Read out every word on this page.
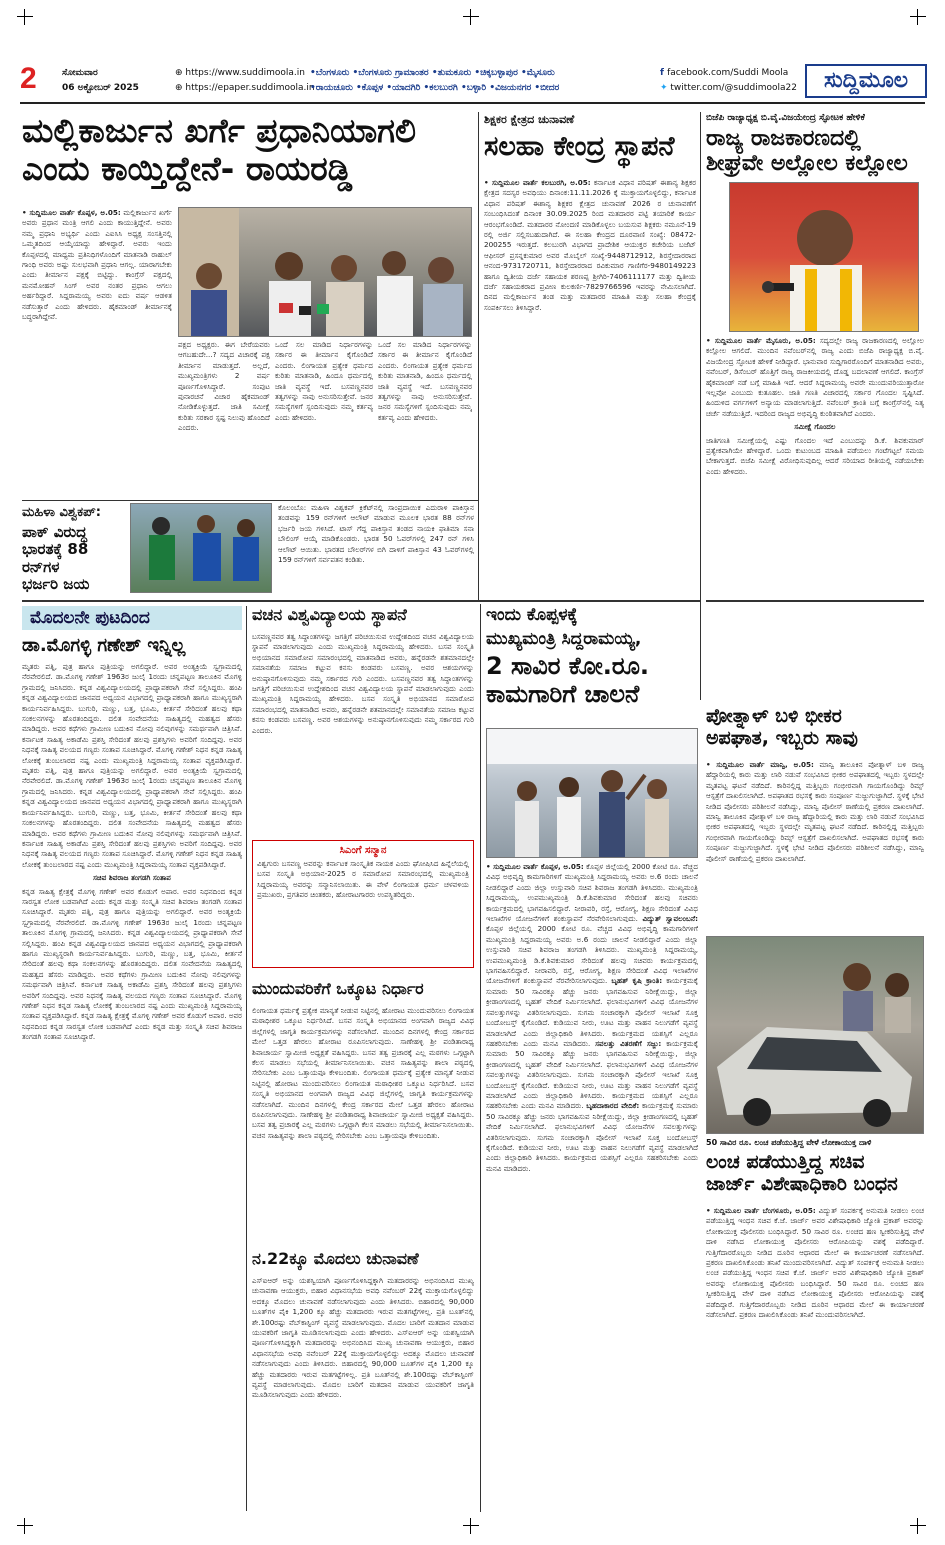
2	ಸೋಮವಾರ
06 ಅಕ್ಟೋಬರ್ 2025
⊕ https://www.suddimoola.in
⊕ https://epaper.suddimoola.in
•ಬೆಂಗಳೂರು •ಬೆಂಗಳೂರು ಗ್ರಾಮಾಂತರ •ತುಮಕೂರು •ಚಿಕ್ಕಬಳ್ಳಾಪುರ •ಮೈಸೂರು
•ರಾಯಚೂರು •ಕೊಪ್ಪಳ •ಯಾದಗಿರಿ •ಕಲಬುರಗಿ •ಬಳ್ಳಾರಿ •ವಿಜಯನಗರ •ಬೀದರ
f facebook.com/Suddi Moola
✦ twitter.com/@suddimoola22	ಸುದ್ದಿಮೂಲ
ಮಲ್ಲಿಕಾರ್ಜುನ ಖರ್ಗೆ ಪ್ರಧಾನಿಯಾಗಲಿ
ಎಂದು ಕಾಯ್ತಿದ್ದೇನೆ- ರಾಯರಡ್ಡಿ
• ಸುದ್ದಿಮೂಲ ವಾರ್ತೆ ಕೊಪ್ಪಳ, ಅ.05: ಮಲ್ಲಿಕಾರ್ಜುನ ಖರ್ಗೆ ಅವರು ಪ್ರಧಾನ ಮಂತ್ರಿ ಆಗಲಿ ಎಂದು ಕಾಯುತ್ತಿದ್ದೇನೆ. ಅವರು ನಮ್ಮ ಪ್ರಧಾನಿ ಅಭ್ಯರ್ಥಿ ಎಂದು ಎಐಸಿಸಿ ಅಧ್ಯಕ್ಷ ಸಂಸತ್ತಿನಲ್ಲಿ ಒಮ್ಮತದಿಂದ ಆಯ್ಕೆಯಾದ್ದು ಹೇಳಿದ್ದಾರೆ. ಅವರು ಇಂದು ಕೊಪ್ಪಳದಲ್ಲಿ ಮಾಧ್ಯಮ ಪ್ರತಿನಿಧಿಗಳೊಂದಿಗೆ ಮಾತನಾಡಿ ರಾಹುಲ್ ಗಾಂಧಿ ಅವರು ಅಷ್ಟು ಸುಲಭವಾಗಿ ಪ್ರಧಾನಿ ಆಗಲ್ಲ. ಯಾರಾಗಬೇಕು ಎಂದು ತೀರ್ಮಾನ ಪಕ್ಷಕ್ಕೆ ಬಿಟ್ಟಿದ್ದು. ಕಾಂಗ್ರೆಸ್ ಪಕ್ಷದಲ್ಲಿ ಮನಮೋಹನ್ ಸಿಂಗ್ ಅವರ ನಂತರ ಪ್ರಧಾನಿ ಆಗಲು ಅರ್ಹರಿದ್ದಾರೆ. ಸಿದ್ದರಾಮಯ್ಯ ಅವರು ಐದು ವರ್ಷ ಆಡಳಿತ ನಡೆಸುತ್ತಾರೆ ಎಂದು ಹೇಳಿದರು. ಹೈಕಮಾಂಡ್ ತೀರ್ಮಾನಕ್ಕೆ ಬದ್ಧರಾಗಿದ್ದೇವೆ.
ಪಕ್ಷದ ಅಧ್ಯಕ್ಷರು. ಈಗ ಬೇರೆಯವರು ಆಗಬಹುದೇ...? ಸದ್ಯದ ವಿಚಾರಕ್ಕೆ ಪಕ್ಷ ತೀರ್ಮಾನ ಮಾಡುತ್ತದೆ. ಅಲ್ಲದೆ, ಮುಖ್ಯಮಂತ್ರಿಗಳು 2 ವರ್ಷ ಪೂರ್ಣಗೊಳಿಸಿದ್ದಾರೆ. ಸಂಪುಟ ಪುನಾರಚನೆ ವಿಚಾರ ಹೈಕಮಾಂಡ್ ನೋಡಿಕೊಳ್ಳುತ್ತದೆ. ಜಾತಿ ಸಮೀಕ್ಷೆ ಕುರಿತು ಸರಕಾರ ಸ್ಪಷ್ಟ ನಿಲುವು ಹೊಂದಿದೆ ಎಂದರು.
ಒಂದೆ ಸಲ ಮಾಡಿದ ನಿರ್ಧಾರಗಳನ್ನು ಸರ್ಕಾರ ಈ ತೀರ್ಮಾನ ಕೈಗೊಂಡಿದೆ ಎಂದರು. ಲಿಂಗಾಯತ ಪ್ರತ್ಯೇಕ ಧರ್ಮದ ಕುರಿತು ಮಾತನಾಡಿ, ಹಿಂದೂ ಧರ್ಮದಲ್ಲಿ ಜಾತಿ ವ್ಯವಸ್ಥೆ ಇದೆ. ಬಸವಣ್ಣನವರ ತತ್ವಗಳನ್ನು ನಾವು ಅನುಸರಿಸುತ್ತೇವೆ. ಜನರ ಸಮಸ್ಯೆಗಳಿಗೆ ಸ್ಪಂದಿಸುವುದು ನಮ್ಮ ಕರ್ತವ್ಯ ಎಂದು ಹೇಳಿದರು.
ಒಂದೆ ಸಲ ಮಾಡಿದ ನಿರ್ಧಾರಗಳನ್ನು ಸರ್ಕಾರ ಈ ತೀರ್ಮಾನ ಕೈಗೊಂಡಿದೆ ಎಂದರು. ಲಿಂಗಾಯತ ಪ್ರತ್ಯೇಕ ಧರ್ಮದ ಕುರಿತು ಮಾತನಾಡಿ, ಹಿಂದೂ ಧರ್ಮದಲ್ಲಿ ಜಾತಿ ವ್ಯವಸ್ಥೆ ಇದೆ. ಬಸವಣ್ಣನವರ ತತ್ವಗಳನ್ನು ನಾವು ಅನುಸರಿಸುತ್ತೇವೆ. ಜನರ ಸಮಸ್ಯೆಗಳಿಗೆ ಸ್ಪಂದಿಸುವುದು ನಮ್ಮ ಕರ್ತವ್ಯ ಎಂದು ಹೇಳಿದರು.
ಶಿಕ್ಷಕರ ಕ್ಷೇತ್ರದ ಚುನಾವಣೆ
ಸಲಹಾ ಕೇಂದ್ರ ಸ್ಥಾಪನೆ
• ಸುದ್ದಿಮೂಲ ವಾರ್ತೆ ಕಲಬುರಗಿ, ಅ.05: ಕರ್ನಾಟಕ ವಿಧಾನ ಪರಿಷತ್ ಈಶಾನ್ಯ ಶಿಕ್ಷಕರ ಕ್ಷೇತ್ರದ ಸದಸ್ಯರ ಅವಧಿಯು ದಿನಾಂಕ:11.11.2026 ಕ್ಕೆ ಮುಕ್ತಾಯಗೊಳ್ಳಲಿದ್ದು, ಕರ್ನಾಟಕ ವಿಧಾನ ಪರಿಷತ್ ಈಶಾನ್ಯ ಶಿಕ್ಷಕರ ಕ್ಷೇತ್ರದ ಚುನಾವಣೆ 2026 ರ ಚುನಾವಣೆಗೆ ಸಂಬಂಧಿಸಿದಂತೆ ದಿನಾಂಕ 30.09.2025 ರಿಂದ ಮತದಾರರ ಪಟ್ಟಿ ತಯಾರಿಕೆ ಕಾರ್ಯ ಆರಂಭಗೊಂಡಿದೆ. ಮತದಾರರ ನೋಂದಣಿ ಮಾಡಿಕೊಳ್ಳಲು ಬಯಸುವ ಶಿಕ್ಷಕರು ನಮೂನೆ-19 ರಲ್ಲಿ ಅರ್ಜಿ ಸಲ್ಲಿಸಬಹುದಾಗಿದೆ. ಈ ಸಲಹಾ ಕೇಂದ್ರದ ದೂರವಾಣಿ ಸಂಖ್ಯೆ: 08472-200255 ಇರುತ್ತದೆ. ಕಲಬುರಗಿ ವಿಭಾಗದ ಪ್ರಾದೇಶಿಕ ಆಯುಕ್ತರ ಕಚೇರಿಯ ಬಜೆಟ್ ಆಫೀಸರ್ ಪ್ರಸನ್ನಕುಮಾರ ಅವರ ಮೊಬೈಲ್ ಸಂಖ್ಯೆ-9448712912, ಶಿರಸ್ತೇದಾರರಾದ ಆನಂದ-9731720711, ಶಿರಸ್ತೇದಾರರಾದ ರವಿಕುಮಾರ ಗಾಣಿಗೆರ-9480149223 ಹಾಗೂ ದ್ವಿತೀಯ ದರ್ಜೆ ಸಹಾಯಕ ಶರಣಪ್ಪ ಶ್ರೀಗಿರಿ-7406111177 ಮತ್ತು ದ್ವಿತೀಯ ದರ್ಜೆ ಸಹಾಯಕರಾದ ಪ್ರವೀಣ ಕುಲಕರ್ಣಿ-7829766596 ಇವರನ್ನು ನೇಮಿಸಲಾಗಿದೆ. ದಿನದ ಮಲ್ಲಿಕಾರ್ಜುನ ತಂಡ ಮತ್ತು ಮತದಾರರ ಮಾಹಿತಿ ಮತ್ತು ಸಲಹಾ ಕೇಂದ್ರಕ್ಕೆ ಸಂಪರ್ಕಿಸಲು ತಿಳಿಸಿದ್ದಾರೆ.
ಬಿಜೆಪಿ ರಾಜ್ಯಾಧ್ಯಕ್ಷ ಬಿ.ವೈ.ವಿಜಯೇಂದ್ರ ಸ್ಫೋಟಕ ಹೇಳಿಕೆ
ರಾಜ್ಯ ರಾಜಕಾರಣದಲ್ಲಿ
ಶೀಘ್ರವೇ ಅಲ್ಲೋಲ ಕಲ್ಲೋಲ
• ಸುದ್ದಿಮೂಲ ವಾರ್ತೆ ಮೈಸೂರು, ಅ.05: ಸದ್ಯದಲ್ಲೇ ರಾಜ್ಯ ರಾಜಕಾರಣದಲ್ಲಿ ಅಲ್ಲೋಲ ಕಲ್ಲೋಲ ಆಗಲಿದೆ. ಮುಂದಿನ ನವೆಂಬರ್‌ನಲ್ಲಿ ರಾಜ್ಯ ಎಂದು ಬಿಜೆಪಿ ರಾಜ್ಯಾಧ್ಯಕ್ಷ ಬಿ.ವೈ. ವಿಜಯೇಂದ್ರ ಸ್ಫೋಟಕ ಹೇಳಿಕೆ ನೀಡಿದ್ದಾರೆ. ಭಾನುವಾರ ಸುದ್ದಿಗಾರರೊಂದಿಗೆ ಮಾತನಾಡಿದ ಅವರು, ನವೆಂಬರ್, ಡಿಸೆಂಬರ್ ಹೊತ್ತಿಗೆ ರಾಜ್ಯ ರಾಜಕೀಯದಲ್ಲಿ ದೊಡ್ಡ ಬದಲಾವಣೆ ಆಗಲಿದೆ. ಕಾಂಗ್ರೆಸ್ ಹೈಕಮಾಂಡ್ ನಡೆ ಬಗ್ಗೆ ಮಾಹಿತಿ ಇದೆ. ಆದರೆ ಸಿದ್ದರಾಮಯ್ಯ ಅವರೇ ಮುಂದುವರಿಯುತ್ತಾರೋ ಇಲ್ಲವೋ ಎಂಬುದು ಕುತೂಹಲ. ಜಾತಿ ಗಣತಿ ವಿಚಾರದಲ್ಲಿ ಸರ್ಕಾರ ಗೊಂದಲ ಸೃಷ್ಟಿಸಿದೆ. ಹಿಂದುಳಿದ ವರ್ಗಗಳಿಗೆ ಅನ್ಯಾಯ ಮಾಡಲಾಗುತ್ತಿದೆ. ನವೆಂಬರ್ ಕ್ರಾಂತಿ ಬಗ್ಗೆ ಕಾಂಗ್ರೆಸ್‌ನಲ್ಲಿ ನಿತ್ಯ ಚರ್ಚೆ ನಡೆಯುತ್ತಿದೆ. ಇದರಿಂದ ರಾಜ್ಯದ ಅಭಿವೃದ್ಧಿ ಕುಂಠಿತವಾಗಿದೆ ಎಂದರು.
ಸಮೀಕ್ಷೆ ಗೊಂದಲ
ಜಾತಿಗಣತಿ ಸಮೀಕ್ಷೆಯಲ್ಲಿ ಎಷ್ಟು ಗೊಂದಲ ಇದೆ ಎಂಬುದನ್ನು ಡಿ.ಕೆ. ಶಿವಕುಮಾರ್ ಪ್ರತ್ಯೇಕವಾಗಿಯೇ ಹೇಳಿದ್ದಾರೆ. ಒಂದು ಕುಟುಂಬದ ಮಾಹಿತಿ ಪಡೆಯಲು ಗಂಟೆಗಟ್ಟಲೆ ಸಮಯ ಬೇಕಾಗುತ್ತದೆ. ಬಿಜೆಪಿ ಸಮೀಕ್ಷೆ ವಿರೋಧಿಸುವುದಿಲ್ಲ ಆದರೆ ಸರಿಯಾದ ರೀತಿಯಲ್ಲಿ ನಡೆಯಬೇಕು ಎಂದು ಹೇಳಿದರು.
ಮಹಿಳಾ ವಿಶ್ವಕಪ್:
ಪಾಕ್ ವಿರುದ್ಧ
ಭಾರತಕ್ಕೆ 88 ರನ್‌ಗಳ
ಭರ್ಜರಿ ಜಯ
ಕೊಲಂಬೊ: ಮಹಿಳಾ ವಿಶ್ವಕಪ್ ಕ್ರಿಕೆಟ್‌ನಲ್ಲಿ ಸಾಂಪ್ರದಾಯಿಕ ಎದುರಾಳಿ ಪಾಕಿಸ್ತಾನ ತಂಡವನ್ನು 159 ರನ್‌ಗಳಿಗೆ ಆಲೌಟ್ ಮಾಡುವ ಮೂಲಕ ಭಾರತ 88 ರನ್‌ಗಳ ಭರ್ಜರಿ ಜಯ ಗಳಿಸಿದೆ. ಟಾಸ್ ಗೆದ್ದ ಪಾಕಿಸ್ತಾನ ತಂಡದ ನಾಯಕಿ ಫಾತಿಮಾ ಸನಾ ಬೌಲಿಂಗ್ ಆಯ್ಕೆ ಮಾಡಿಕೊಂಡರು. ಭಾರತ 50 ಓವರ್‌ಗಳಲ್ಲಿ 247 ರನ್ ಗಳಿಸಿ ಆಲೌಟ್ ಆಯಿತು. ಭಾರತದ ಬೌಲರ್‌ಗಳ ಬಿಗಿ ದಾಳಿಗೆ ಪಾಕಿಸ್ತಾನ 43 ಓವರ್‌ಗಳಲ್ಲಿ 159 ರನ್‌ಗಳಿಗೆ ಸರ್ವಪತನ ಕಂಡಿತು.
ಮೊದಲನೇ ಪುಟದಿಂದ
ಡಾ.ಮೊಗಳ್ಳಿ ಗಣೇಶ್ ಇನ್ನಿಲ್ಲ
ಮೃತರು ಪತ್ನಿ, ಪುತ್ರ ಹಾಗೂ ಪುತ್ರಿಯನ್ನು ಅಗಲಿದ್ದಾರೆ. ಅವರ ಅಂತ್ಯಕ್ರಿಯೆ ಸ್ವಗ್ರಾಮದಲ್ಲಿ ನೆರವೇರಲಿದೆ. ಡಾ.ಮೊಗಳ್ಳಿ ಗಣೇಶ್ 1963ರ ಜುಲೈ 1ರಂದು ಚನ್ನಪಟ್ಟಣ ತಾಲೂಕಿನ ಮೊಗಳ್ಳಿ ಗ್ರಾಮದಲ್ಲಿ ಜನಿಸಿದರು. ಕನ್ನಡ ವಿಶ್ವವಿದ್ಯಾಲಯದಲ್ಲಿ ಪ್ರಾಧ್ಯಾಪಕರಾಗಿ ಸೇವೆ ಸಲ್ಲಿಸಿದ್ದರು. ಹಂಪಿ ಕನ್ನಡ ವಿಶ್ವವಿದ್ಯಾಲಯದ ಜಾನಪದ ಅಧ್ಯಯನ ವಿಭಾಗದಲ್ಲಿ ಪ್ರಾಧ್ಯಾಪಕರಾಗಿ ಹಾಗೂ ಮುಖ್ಯಸ್ಥರಾಗಿ ಕಾರ್ಯನಿರ್ವಹಿಸಿದ್ದರು. ಬುಗುರಿ, ಮಣ್ಣು, ಬತ್ತ, ಭೂಮಿ, ಕೀರ್ತನೆ ಸೇರಿದಂತೆ ಹಲವು ಕಥಾ ಸಂಕಲನಗಳನ್ನು ಹೊರತಂದಿದ್ದರು. ದಲಿತ ಸಂವೇದನೆಯ ಸಾಹಿತ್ಯದಲ್ಲಿ ಮಹತ್ವದ ಹೆಸರು ಮಾಡಿದ್ದರು. ಅವರ ಕಥೆಗಳು ಗ್ರಾಮೀಣ ಬದುಕಿನ ನೋವು ನಲಿವುಗಳನ್ನು ಸಮರ್ಥವಾಗಿ ಚಿತ್ರಿಸಿವೆ. ಕರ್ನಾಟಕ ಸಾಹಿತ್ಯ ಅಕಾಡೆಮಿ ಪ್ರಶಸ್ತಿ ಸೇರಿದಂತೆ ಹಲವು ಪ್ರಶಸ್ತಿಗಳು ಅವರಿಗೆ ಸಂದಿದ್ದವು. ಅವರ ನಿಧನಕ್ಕೆ ಸಾಹಿತ್ಯ ವಲಯದ ಗಣ್ಯರು ಸಂತಾಪ ಸೂಚಿಸಿದ್ದಾರೆ. ಮೊಗಳ್ಳಿ ಗಣೇಶ್ ನಿಧನ ಕನ್ನಡ ಸಾಹಿತ್ಯ ಲೋಕಕ್ಕೆ ತುಂಬಲಾರದ ನಷ್ಟ ಎಂದು ಮುಖ್ಯಮಂತ್ರಿ ಸಿದ್ದರಾಮಯ್ಯ ಸಂತಾಪ ವ್ಯಕ್ತಪಡಿಸಿದ್ದಾರೆ. ಮೃತರು ಪತ್ನಿ, ಪುತ್ರ ಹಾಗೂ ಪುತ್ರಿಯನ್ನು ಅಗಲಿದ್ದಾರೆ. ಅವರ ಅಂತ್ಯಕ್ರಿಯೆ ಸ್ವಗ್ರಾಮದಲ್ಲಿ ನೆರವೇರಲಿದೆ. ಡಾ.ಮೊಗಳ್ಳಿ ಗಣೇಶ್ 1963ರ ಜುಲೈ 1ರಂದು ಚನ್ನಪಟ್ಟಣ ತಾಲೂಕಿನ ಮೊಗಳ್ಳಿ ಗ್ರಾಮದಲ್ಲಿ ಜನಿಸಿದರು. ಕನ್ನಡ ವಿಶ್ವವಿದ್ಯಾಲಯದಲ್ಲಿ ಪ್ರಾಧ್ಯಾಪಕರಾಗಿ ಸೇವೆ ಸಲ್ಲಿಸಿದ್ದರು. ಹಂಪಿ ಕನ್ನಡ ವಿಶ್ವವಿದ್ಯಾಲಯದ ಜಾನಪದ ಅಧ್ಯಯನ ವಿಭಾಗದಲ್ಲಿ ಪ್ರಾಧ್ಯಾಪಕರಾಗಿ ಹಾಗೂ ಮುಖ್ಯಸ್ಥರಾಗಿ ಕಾರ್ಯನಿರ್ವಹಿಸಿದ್ದರು. ಬುಗುರಿ, ಮಣ್ಣು, ಬತ್ತ, ಭೂಮಿ, ಕೀರ್ತನೆ ಸೇರಿದಂತೆ ಹಲವು ಕಥಾ ಸಂಕಲನಗಳನ್ನು ಹೊರತಂದಿದ್ದರು. ದಲಿತ ಸಂವೇದನೆಯ ಸಾಹಿತ್ಯದಲ್ಲಿ ಮಹತ್ವದ ಹೆಸರು ಮಾಡಿದ್ದರು. ಅವರ ಕಥೆಗಳು ಗ್ರಾಮೀಣ ಬದುಕಿನ ನೋವು ನಲಿವುಗಳನ್ನು ಸಮರ್ಥವಾಗಿ ಚಿತ್ರಿಸಿವೆ. ಕರ್ನಾಟಕ ಸಾಹಿತ್ಯ ಅಕಾಡೆಮಿ ಪ್ರಶಸ್ತಿ ಸೇರಿದಂತೆ ಹಲವು ಪ್ರಶಸ್ತಿಗಳು ಅವರಿಗೆ ಸಂದಿದ್ದವು. ಅವರ ನಿಧನಕ್ಕೆ ಸಾಹಿತ್ಯ ವಲಯದ ಗಣ್ಯರು ಸಂತಾಪ ಸೂಚಿಸಿದ್ದಾರೆ. ಮೊಗಳ್ಳಿ ಗಣೇಶ್ ನಿಧನ ಕನ್ನಡ ಸಾಹಿತ್ಯ ಲೋಕಕ್ಕೆ ತುಂಬಲಾರದ ನಷ್ಟ ಎಂದು ಮುಖ್ಯಮಂತ್ರಿ ಸಿದ್ದರಾಮಯ್ಯ ಸಂತಾಪ ವ್ಯಕ್ತಪಡಿಸಿದ್ದಾರೆ.
ಸಚಿವ ಶಿವರಾಜ ತಂಗಡಗಿ ಸಂತಾಪ
ಕನ್ನಡ ಸಾಹಿತ್ಯ ಕ್ಷೇತ್ರಕ್ಕೆ ಮೊಗಳ್ಳಿ ಗಣೇಶ್ ಅವರ ಕೊಡುಗೆ ಅಪಾರ. ಅವರ ನಿಧನದಿಂದ ಕನ್ನಡ ಸಾರಸ್ವತ ಲೋಕ ಬಡವಾಗಿದೆ ಎಂದು ಕನ್ನಡ ಮತ್ತು ಸಂಸ್ಕೃತಿ ಸಚಿವ ಶಿವರಾಜ ತಂಗಡಗಿ ಸಂತಾಪ ಸೂಚಿಸಿದ್ದಾರೆ. ಮೃತರು ಪತ್ನಿ, ಪುತ್ರ ಹಾಗೂ ಪುತ್ರಿಯನ್ನು ಅಗಲಿದ್ದಾರೆ. ಅವರ ಅಂತ್ಯಕ್ರಿಯೆ ಸ್ವಗ್ರಾಮದಲ್ಲಿ ನೆರವೇರಲಿದೆ. ಡಾ.ಮೊಗಳ್ಳಿ ಗಣೇಶ್ 1963ರ ಜುಲೈ 1ರಂದು ಚನ್ನಪಟ್ಟಣ ತಾಲೂಕಿನ ಮೊಗಳ್ಳಿ ಗ್ರಾಮದಲ್ಲಿ ಜನಿಸಿದರು. ಕನ್ನಡ ವಿಶ್ವವಿದ್ಯಾಲಯದಲ್ಲಿ ಪ್ರಾಧ್ಯಾಪಕರಾಗಿ ಸೇವೆ ಸಲ್ಲಿಸಿದ್ದರು. ಹಂಪಿ ಕನ್ನಡ ವಿಶ್ವವಿದ್ಯಾಲಯದ ಜಾನಪದ ಅಧ್ಯಯನ ವಿಭಾಗದಲ್ಲಿ ಪ್ರಾಧ್ಯಾಪಕರಾಗಿ ಹಾಗೂ ಮುಖ್ಯಸ್ಥರಾಗಿ ಕಾರ್ಯನಿರ್ವಹಿಸಿದ್ದರು. ಬುಗುರಿ, ಮಣ್ಣು, ಬತ್ತ, ಭೂಮಿ, ಕೀರ್ತನೆ ಸೇರಿದಂತೆ ಹಲವು ಕಥಾ ಸಂಕಲನಗಳನ್ನು ಹೊರತಂದಿದ್ದರು. ದಲಿತ ಸಂವೇದನೆಯ ಸಾಹಿತ್ಯದಲ್ಲಿ ಮಹತ್ವದ ಹೆಸರು ಮಾಡಿದ್ದರು. ಅವರ ಕಥೆಗಳು ಗ್ರಾಮೀಣ ಬದುಕಿನ ನೋವು ನಲಿವುಗಳನ್ನು ಸಮರ್ಥವಾಗಿ ಚಿತ್ರಿಸಿವೆ. ಕರ್ನಾಟಕ ಸಾಹಿತ್ಯ ಅಕಾಡೆಮಿ ಪ್ರಶಸ್ತಿ ಸೇರಿದಂತೆ ಹಲವು ಪ್ರಶಸ್ತಿಗಳು ಅವರಿಗೆ ಸಂದಿದ್ದವು. ಅವರ ನಿಧನಕ್ಕೆ ಸಾಹಿತ್ಯ ವಲಯದ ಗಣ್ಯರು ಸಂತಾಪ ಸೂಚಿಸಿದ್ದಾರೆ. ಮೊಗಳ್ಳಿ ಗಣೇಶ್ ನಿಧನ ಕನ್ನಡ ಸಾಹಿತ್ಯ ಲೋಕಕ್ಕೆ ತುಂಬಲಾರದ ನಷ್ಟ ಎಂದು ಮುಖ್ಯಮಂತ್ರಿ ಸಿದ್ದರಾಮಯ್ಯ ಸಂತಾಪ ವ್ಯಕ್ತಪಡಿಸಿದ್ದಾರೆ. ಕನ್ನಡ ಸಾಹಿತ್ಯ ಕ್ಷೇತ್ರಕ್ಕೆ ಮೊಗಳ್ಳಿ ಗಣೇಶ್ ಅವರ ಕೊಡುಗೆ ಅಪಾರ. ಅವರ ನಿಧನದಿಂದ ಕನ್ನಡ ಸಾರಸ್ವತ ಲೋಕ ಬಡವಾಗಿದೆ ಎಂದು ಕನ್ನಡ ಮತ್ತು ಸಂಸ್ಕೃತಿ ಸಚಿವ ಶಿವರಾಜ ತಂಗಡಗಿ ಸಂತಾಪ ಸೂಚಿಸಿದ್ದಾರೆ.
ವಚನ ವಿಶ್ವವಿದ್ಯಾಲಯ ಸ್ಥಾಪನೆ
ಬಸವಣ್ಣನವರ ತತ್ವ ಸಿದ್ಧಾಂತಗಳನ್ನು ಜಗತ್ತಿಗೆ ಪರಿಚಯಿಸುವ ಉದ್ದೇಶದಿಂದ ವಚನ ವಿಶ್ವವಿದ್ಯಾಲಯ ಸ್ಥಾಪನೆ ಮಾಡಲಾಗುವುದು ಎಂದು ಮುಖ್ಯಮಂತ್ರಿ ಸಿದ್ದರಾಮಯ್ಯ ಹೇಳಿದರು. ಬಸವ ಸಂಸ್ಕೃತಿ ಅಭಿಯಾನದ ಸಮಾರೋಪ ಸಮಾರಂಭದಲ್ಲಿ ಮಾತನಾಡಿದ ಅವರು, ಹನ್ನೆರಡನೇ ಶತಮಾನದಲ್ಲೇ ಸಮಾನತೆಯ ಸಮಾಜ ಕಟ್ಟುವ ಕನಸು ಕಂಡವರು ಬಸವಣ್ಣ. ಅವರ ಆಶಯಗಳನ್ನು ಅನುಷ್ಠಾನಗೊಳಿಸುವುದು ನಮ್ಮ ಸರ್ಕಾರದ ಗುರಿ ಎಂದರು. ಬಸವಣ್ಣನವರ ತತ್ವ ಸಿದ್ಧಾಂತಗಳನ್ನು ಜಗತ್ತಿಗೆ ಪರಿಚಯಿಸುವ ಉದ್ದೇಶದಿಂದ ವಚನ ವಿಶ್ವವಿದ್ಯಾಲಯ ಸ್ಥಾಪನೆ ಮಾಡಲಾಗುವುದು ಎಂದು ಮುಖ್ಯಮಂತ್ರಿ ಸಿದ್ದರಾಮಯ್ಯ ಹೇಳಿದರು. ಬಸವ ಸಂಸ್ಕೃತಿ ಅಭಿಯಾನದ ಸಮಾರೋಪ ಸಮಾರಂಭದಲ್ಲಿ ಮಾತನಾಡಿದ ಅವರು, ಹನ್ನೆರಡನೇ ಶತಮಾನದಲ್ಲೇ ಸಮಾನತೆಯ ಸಮಾಜ ಕಟ್ಟುವ ಕನಸು ಕಂಡವರು ಬಸವಣ್ಣ. ಅವರ ಆಶಯಗಳನ್ನು ಅನುಷ್ಠಾನಗೊಳಿಸುವುದು ನಮ್ಮ ಸರ್ಕಾರದ ಗುರಿ ಎಂದರು.
ಸಿಎಂಗೆ ಸನ್ಮಾನ
ವಿಶ್ವಗುರು ಬಸವಣ್ಣ ಅವರನ್ನು ಕರ್ನಾಟಕ ಸಾಂಸ್ಕೃತಿಕ ನಾಯಕ ಎಂದು ಘೋಷಿಸಿದ ಹಿನ್ನೆಲೆಯಲ್ಲಿ ಬಸವ ಸಂಸ್ಕೃತಿ ಅಭಿಯಾನ-2025 ರ ಸಮಾರೋಪ ಸಮಾರಂಭದಲ್ಲಿ ಮುಖ್ಯಮಂತ್ರಿ ಸಿದ್ದರಾಮಯ್ಯ ಅವರನ್ನು ಸನ್ಮಾನಿಸಲಾಯಿತು. ಈ ವೇಳೆ ಲಿಂಗಾಯತ ಧರ್ಮ ಚಳವಳಿಯ ಪ್ರಮುಖರು, ಪ್ರಗತಿಪರ ಚಿಂತಕರು, ಹೋರಾಟಗಾರರು ಉಪಸ್ಥಿತರಿದ್ದರು.
ಮುಂದುವರಿಕೆಗೆ ಒಕ್ಕೂಟ ನಿರ್ಧಾರ
ಲಿಂಗಾಯತ ಧರ್ಮಕ್ಕೆ ಪ್ರತ್ಯೇಕ ಮಾನ್ಯತೆ ನೀಡುವ ನಿಟ್ಟಿನಲ್ಲಿ ಹೋರಾಟ ಮುಂದುವರಿಸಲು ಲಿಂಗಾಯತ ಮಠಾಧೀಶರ ಒಕ್ಕೂಟ ನಿರ್ಧರಿಸಿದೆ. ಬಸವ ಸಂಸ್ಕೃತಿ ಅಭಿಯಾನದ ಅಂಗವಾಗಿ ರಾಜ್ಯದ ವಿವಿಧ ಜಿಲ್ಲೆಗಳಲ್ಲಿ ಜಾಗೃತಿ ಕಾರ್ಯಕ್ರಮಗಳನ್ನು ನಡೆಸಲಾಗಿದೆ. ಮುಂದಿನ ದಿನಗಳಲ್ಲಿ ಕೇಂದ್ರ ಸರ್ಕಾರದ ಮೇಲೆ ಒತ್ತಡ ಹೇರಲು ಹೋರಾಟ ರೂಪಿಸಲಾಗುವುದು. ಸಾಣೇಹಳ್ಳಿ ಶ್ರೀ ಪಂಡಿತಾರಾಧ್ಯ ಶಿವಾಚಾರ್ಯ ಸ್ವಾಮೀಜಿ ಅಧ್ಯಕ್ಷತೆ ವಹಿಸಿದ್ದರು. ಬಸವ ತತ್ವ ಪ್ರಚಾರಕ್ಕೆ ಎಲ್ಲ ಮಠಗಳು ಒಗ್ಗಟ್ಟಾಗಿ ಕೆಲಸ ಮಾಡಲು ಸಭೆಯಲ್ಲಿ ತೀರ್ಮಾನಿಸಲಾಯಿತು. ವಚನ ಸಾಹಿತ್ಯವನ್ನು ಶಾಲಾ ಪಠ್ಯದಲ್ಲಿ ಸೇರಿಸಬೇಕು ಎಂಬ ಒತ್ತಾಯವೂ ಕೇಳಿಬಂದಿತು. ಲಿಂಗಾಯತ ಧರ್ಮಕ್ಕೆ ಪ್ರತ್ಯೇಕ ಮಾನ್ಯತೆ ನೀಡುವ ನಿಟ್ಟಿನಲ್ಲಿ ಹೋರಾಟ ಮುಂದುವರಿಸಲು ಲಿಂಗಾಯತ ಮಠಾಧೀಶರ ಒಕ್ಕೂಟ ನಿರ್ಧರಿಸಿದೆ. ಬಸವ ಸಂಸ್ಕೃತಿ ಅಭಿಯಾನದ ಅಂಗವಾಗಿ ರಾಜ್ಯದ ವಿವಿಧ ಜಿಲ್ಲೆಗಳಲ್ಲಿ ಜಾಗೃತಿ ಕಾರ್ಯಕ್ರಮಗಳನ್ನು ನಡೆಸಲಾಗಿದೆ. ಮುಂದಿನ ದಿನಗಳಲ್ಲಿ ಕೇಂದ್ರ ಸರ್ಕಾರದ ಮೇಲೆ ಒತ್ತಡ ಹೇರಲು ಹೋರಾಟ ರೂಪಿಸಲಾಗುವುದು. ಸಾಣೇಹಳ್ಳಿ ಶ್ರೀ ಪಂಡಿತಾರಾಧ್ಯ ಶಿವಾಚಾರ್ಯ ಸ್ವಾಮೀಜಿ ಅಧ್ಯಕ್ಷತೆ ವಹಿಸಿದ್ದರು. ಬಸವ ತತ್ವ ಪ್ರಚಾರಕ್ಕೆ ಎಲ್ಲ ಮಠಗಳು ಒಗ್ಗಟ್ಟಾಗಿ ಕೆಲಸ ಮಾಡಲು ಸಭೆಯಲ್ಲಿ ತೀರ್ಮಾನಿಸಲಾಯಿತು. ವಚನ ಸಾಹಿತ್ಯವನ್ನು ಶಾಲಾ ಪಠ್ಯದಲ್ಲಿ ಸೇರಿಸಬೇಕು ಎಂಬ ಒತ್ತಾಯವೂ ಕೇಳಿಬಂದಿತು.
ನ.22ಕ್ಕೂ ಮೊದಲು ಚುನಾವಣೆ
ಎಸ್‌ಐಆರ್ ಅನ್ನು ಯಶಸ್ವಿಯಾಗಿ ಪೂರ್ಣಗೊಳಿಸಿದ್ದಕ್ಕಾಗಿ ಮತದಾರರನ್ನು ಅಭಿನಂದಿಸಿದ ಮುಖ್ಯ ಚುನಾವಣಾ ಆಯುಕ್ತರು, ಬಿಹಾರ ವಿಧಾನಸಭೆಯ ಅವಧಿ ನವೆಂಬರ್ 22ಕ್ಕೆ ಮುಕ್ತಾಯಗೊಳ್ಳಲಿದ್ದು ಅದಕ್ಕೂ ಮೊದಲು ಚುನಾವಣೆ ನಡೆಸಲಾಗುವುದು ಎಂದು ತಿಳಿಸಿದರು. ಬಿಹಾರದಲ್ಲಿ 90,000 ಬೂತ್‌ಗಳ ಪೈಕಿ 1,200 ಕ್ಕೂ ಹೆಚ್ಚು ಮತದಾರರು ಇರುವ ಮತಗಟ್ಟೆಗಳಿಲ್ಲ. ಪ್ರತಿ ಬೂತ್‌ನಲ್ಲಿ ಶೇ.100ರಷ್ಟು ವೆಬ್‌ಕಾಸ್ಟಿಂಗ್ ವ್ಯವಸ್ಥೆ ಮಾಡಲಾಗುವುದು. ಮೊದಲ ಬಾರಿಗೆ ಮತದಾನ ಮಾಡುವ ಯುವಕರಿಗೆ ಜಾಗೃತಿ ಮೂಡಿಸಲಾಗುವುದು ಎಂದು ಹೇಳಿದರು. ಎಸ್‌ಐಆರ್ ಅನ್ನು ಯಶಸ್ವಿಯಾಗಿ ಪೂರ್ಣಗೊಳಿಸಿದ್ದಕ್ಕಾಗಿ ಮತದಾರರನ್ನು ಅಭಿನಂದಿಸಿದ ಮುಖ್ಯ ಚುನಾವಣಾ ಆಯುಕ್ತರು, ಬಿಹಾರ ವಿಧಾನಸಭೆಯ ಅವಧಿ ನವೆಂಬರ್ 22ಕ್ಕೆ ಮುಕ್ತಾಯಗೊಳ್ಳಲಿದ್ದು ಅದಕ್ಕೂ ಮೊದಲು ಚುನಾವಣೆ ನಡೆಸಲಾಗುವುದು ಎಂದು ತಿಳಿಸಿದರು. ಬಿಹಾರದಲ್ಲಿ 90,000 ಬೂತ್‌ಗಳ ಪೈಕಿ 1,200 ಕ್ಕೂ ಹೆಚ್ಚು ಮತದಾರರು ಇರುವ ಮತಗಟ್ಟೆಗಳಿಲ್ಲ. ಪ್ರತಿ ಬೂತ್‌ನಲ್ಲಿ ಶೇ.100ರಷ್ಟು ವೆಬ್‌ಕಾಸ್ಟಿಂಗ್ ವ್ಯವಸ್ಥೆ ಮಾಡಲಾಗುವುದು. ಮೊದಲ ಬಾರಿಗೆ ಮತದಾನ ಮಾಡುವ ಯುವಕರಿಗೆ ಜಾಗೃತಿ ಮೂಡಿಸಲಾಗುವುದು ಎಂದು ಹೇಳಿದರು.
ಇಂದು ಕೊಪ್ಪಳಕ್ಕೆ
ಮುಖ್ಯಮಂತ್ರಿ ಸಿದ್ದರಾಮಯ್ಯ,
2 ಸಾವಿರ ಕೋ.ರೂ.
ಕಾಮಗಾರಿಗೆ ಚಾಲನೆ
• ಸುದ್ದಿಮೂಲ ವಾರ್ತೆ ಕೊಪ್ಪಳ, ಅ.05: ಕೊಪ್ಪಳ ಜಿಲ್ಲೆಯಲ್ಲಿ 2000 ಕೋಟಿ ರೂ. ವೆಚ್ಚದ ವಿವಿಧ ಅಭಿವೃದ್ಧಿ ಕಾಮಗಾರಿಗಳಿಗೆ ಮುಖ್ಯಮಂತ್ರಿ ಸಿದ್ದರಾಮಯ್ಯ ಅವರು ಅ.6 ರಂದು ಚಾಲನೆ ನೀಡಲಿದ್ದಾರೆ ಎಂದು ಜಿಲ್ಲಾ ಉಸ್ತುವಾರಿ ಸಚಿವ ಶಿವರಾಜ ತಂಗಡಗಿ ತಿಳಿಸಿದರು. ಮುಖ್ಯಮಂತ್ರಿ ಸಿದ್ದರಾಮಯ್ಯ, ಉಪಮುಖ್ಯಮಂತ್ರಿ ಡಿ.ಕೆ.ಶಿವಕುಮಾರ ಸೇರಿದಂತೆ ಹಲವು ಸಚಿವರು ಕಾರ್ಯಕ್ರಮದಲ್ಲಿ ಭಾಗವಹಿಸಲಿದ್ದಾರೆ. ನೀರಾವರಿ, ರಸ್ತೆ, ಆರೋಗ್ಯ, ಶಿಕ್ಷಣ ಸೇರಿದಂತೆ ವಿವಿಧ ಇಲಾಖೆಗಳ ಯೋಜನೆಗಳಿಗೆ ಶಂಕುಸ್ಥಾಪನೆ ನೆರವೇರಿಸಲಾಗುವುದು. ವಿದ್ಯುತ್ ಸ್ವಾವಲಂಬನೆ: ಕೊಪ್ಪಳ ಜಿಲ್ಲೆಯಲ್ಲಿ 2000 ಕೋಟಿ ರೂ. ವೆಚ್ಚದ ವಿವಿಧ ಅಭಿವೃದ್ಧಿ ಕಾಮಗಾರಿಗಳಿಗೆ ಮುಖ್ಯಮಂತ್ರಿ ಸಿದ್ದರಾಮಯ್ಯ ಅವರು ಅ.6 ರಂದು ಚಾಲನೆ ನೀಡಲಿದ್ದಾರೆ ಎಂದು ಜಿಲ್ಲಾ ಉಸ್ತುವಾರಿ ಸಚಿವ ಶಿವರಾಜ ತಂಗಡಗಿ ತಿಳಿಸಿದರು. ಮುಖ್ಯಮಂತ್ರಿ ಸಿದ್ದರಾಮಯ್ಯ, ಉಪಮುಖ್ಯಮಂತ್ರಿ ಡಿ.ಕೆ.ಶಿವಕುಮಾರ ಸೇರಿದಂತೆ ಹಲವು ಸಚಿವರು ಕಾರ್ಯಕ್ರಮದಲ್ಲಿ ಭಾಗವಹಿಸಲಿದ್ದಾರೆ. ನೀರಾವರಿ, ರಸ್ತೆ, ಆರೋಗ್ಯ, ಶಿಕ್ಷಣ ಸೇರಿದಂತೆ ವಿವಿಧ ಇಲಾಖೆಗಳ ಯೋಜನೆಗಳಿಗೆ ಶಂಕುಸ್ಥಾಪನೆ ನೆರವೇರಿಸಲಾಗುವುದು. ಬೃಹತ್ ಕೃಷಿ ಕ್ರಾಂತಿ: ಕಾರ್ಯಕ್ರಮಕ್ಕೆ ಸುಮಾರು 50 ಸಾವಿರಕ್ಕೂ ಹೆಚ್ಚು ಜನರು ಭಾಗವಹಿಸುವ ನಿರೀಕ್ಷೆಯಿದ್ದು, ಜಿಲ್ಲಾ ಕ್ರೀಡಾಂಗಣದಲ್ಲಿ ಬೃಹತ್ ವೇದಿಕೆ ನಿರ್ಮಿಸಲಾಗಿದೆ. ಫಲಾನುಭವಿಗಳಿಗೆ ವಿವಿಧ ಯೋಜನೆಗಳ ಸವಲತ್ತುಗಳನ್ನು ವಿತರಿಸಲಾಗುವುದು. ಸುಗಮ ಸಂಚಾರಕ್ಕಾಗಿ ಪೊಲೀಸ್ ಇಲಾಖೆ ಸೂಕ್ತ ಬಂದೋಬಸ್ತ್ ಕೈಗೊಂಡಿದೆ. ಕುಡಿಯುವ ನೀರು, ಊಟ ಮತ್ತು ವಾಹನ ನಿಲುಗಡೆಗೆ ವ್ಯವಸ್ಥೆ ಮಾಡಲಾಗಿದೆ ಎಂದು ಜಿಲ್ಲಾಧಿಕಾರಿ ತಿಳಿಸಿದರು. ಕಾರ್ಯಕ್ರಮದ ಯಶಸ್ಸಿಗೆ ಎಲ್ಲರೂ ಸಹಕರಿಸಬೇಕು ಎಂದು ಮನವಿ ಮಾಡಿದರು. ಸವಲತ್ತು ವಿತರಣೆಗೆ ಸಜ್ಜು: ಕಾರ್ಯಕ್ರಮಕ್ಕೆ ಸುಮಾರು 50 ಸಾವಿರಕ್ಕೂ ಹೆಚ್ಚು ಜನರು ಭಾಗವಹಿಸುವ ನಿರೀಕ್ಷೆಯಿದ್ದು, ಜಿಲ್ಲಾ ಕ್ರೀಡಾಂಗಣದಲ್ಲಿ ಬೃಹತ್ ವೇದಿಕೆ ನಿರ್ಮಿಸಲಾಗಿದೆ. ಫಲಾನುಭವಿಗಳಿಗೆ ವಿವಿಧ ಯೋಜನೆಗಳ ಸವಲತ್ತುಗಳನ್ನು ವಿತರಿಸಲಾಗುವುದು. ಸುಗಮ ಸಂಚಾರಕ್ಕಾಗಿ ಪೊಲೀಸ್ ಇಲಾಖೆ ಸೂಕ್ತ ಬಂದೋಬಸ್ತ್ ಕೈಗೊಂಡಿದೆ. ಕುಡಿಯುವ ನೀರು, ಊಟ ಮತ್ತು ವಾಹನ ನಿಲುಗಡೆಗೆ ವ್ಯವಸ್ಥೆ ಮಾಡಲಾಗಿದೆ ಎಂದು ಜಿಲ್ಲಾಧಿಕಾರಿ ತಿಳಿಸಿದರು. ಕಾರ್ಯಕ್ರಮದ ಯಶಸ್ಸಿಗೆ ಎಲ್ಲರೂ ಸಹಕರಿಸಬೇಕು ಎಂದು ಮನವಿ ಮಾಡಿದರು. ಬೃಹದಾಕಾರದ ವೇದಿಕೆ: ಕಾರ್ಯಕ್ರಮಕ್ಕೆ ಸುಮಾರು 50 ಸಾವಿರಕ್ಕೂ ಹೆಚ್ಚು ಜನರು ಭಾಗವಹಿಸುವ ನಿರೀಕ್ಷೆಯಿದ್ದು, ಜಿಲ್ಲಾ ಕ್ರೀಡಾಂಗಣದಲ್ಲಿ ಬೃಹತ್ ವೇದಿಕೆ ನಿರ್ಮಿಸಲಾಗಿದೆ. ಫಲಾನುಭವಿಗಳಿಗೆ ವಿವಿಧ ಯೋಜನೆಗಳ ಸವಲತ್ತುಗಳನ್ನು ವಿತರಿಸಲಾಗುವುದು. ಸುಗಮ ಸಂಚಾರಕ್ಕಾಗಿ ಪೊಲೀಸ್ ಇಲಾಖೆ ಸೂಕ್ತ ಬಂದೋಬಸ್ತ್ ಕೈಗೊಂಡಿದೆ. ಕುಡಿಯುವ ನೀರು, ಊಟ ಮತ್ತು ವಾಹನ ನಿಲುಗಡೆಗೆ ವ್ಯವಸ್ಥೆ ಮಾಡಲಾಗಿದೆ ಎಂದು ಜಿಲ್ಲಾಧಿಕಾರಿ ತಿಳಿಸಿದರು. ಕಾರ್ಯಕ್ರಮದ ಯಶಸ್ಸಿಗೆ ಎಲ್ಲರೂ ಸಹಕರಿಸಬೇಕು ಎಂದು ಮನವಿ ಮಾಡಿದರು.
ಪೋತ್ನಾಳ್ ಬಳಿ ಭೀಕರ
ಅಪಘಾತ, ಇಬ್ಬರು ಸಾವು
• ಸುದ್ದಿಮೂಲ ವಾರ್ತೆ ಮಾನ್ವಿ, ಅ.05: ಮಾನ್ವಿ ತಾಲೂಕಿನ ಪೋತ್ನಾಳ್ ಬಳಿ ರಾಜ್ಯ ಹೆದ್ದಾರಿಯಲ್ಲಿ ಕಾರು ಮತ್ತು ಲಾರಿ ನಡುವೆ ಸಂಭವಿಸಿದ ಭೀಕರ ಅಪಘಾತದಲ್ಲಿ ಇಬ್ಬರು ಸ್ಥಳದಲ್ಲೇ ಮೃತಪಟ್ಟ ಘಟನೆ ನಡೆದಿದೆ. ಕಾರಿನಲ್ಲಿದ್ದ ಮತ್ತಿಬ್ಬರು ಗಂಭೀರವಾಗಿ ಗಾಯಗೊಂಡಿದ್ದು ರಿಮ್ಸ್ ಆಸ್ಪತ್ರೆಗೆ ದಾಖಲಿಸಲಾಗಿದೆ. ಅಪಘಾತದ ರಭಸಕ್ಕೆ ಕಾರು ಸಂಪೂರ್ಣ ನುಜ್ಜುಗುಜ್ಜಾಗಿದೆ. ಸ್ಥಳಕ್ಕೆ ಭೇಟಿ ನೀಡಿದ ಪೊಲೀಸರು ಪರಿಶೀಲನೆ ನಡೆಸಿದ್ದು, ಮಾನ್ವಿ ಪೊಲೀಸ್ ಠಾಣೆಯಲ್ಲಿ ಪ್ರಕರಣ ದಾಖಲಾಗಿದೆ. ಮಾನ್ವಿ ತಾಲೂಕಿನ ಪೋತ್ನಾಳ್ ಬಳಿ ರಾಜ್ಯ ಹೆದ್ದಾರಿಯಲ್ಲಿ ಕಾರು ಮತ್ತು ಲಾರಿ ನಡುವೆ ಸಂಭವಿಸಿದ ಭೀಕರ ಅಪಘಾತದಲ್ಲಿ ಇಬ್ಬರು ಸ್ಥಳದಲ್ಲೇ ಮೃತಪಟ್ಟ ಘಟನೆ ನಡೆದಿದೆ. ಕಾರಿನಲ್ಲಿದ್ದ ಮತ್ತಿಬ್ಬರು ಗಂಭೀರವಾಗಿ ಗಾಯಗೊಂಡಿದ್ದು ರಿಮ್ಸ್ ಆಸ್ಪತ್ರೆಗೆ ದಾಖಲಿಸಲಾಗಿದೆ. ಅಪಘಾತದ ರಭಸಕ್ಕೆ ಕಾರು ಸಂಪೂರ್ಣ ನುಜ್ಜುಗುಜ್ಜಾಗಿದೆ. ಸ್ಥಳಕ್ಕೆ ಭೇಟಿ ನೀಡಿದ ಪೊಲೀಸರು ಪರಿಶೀಲನೆ ನಡೆಸಿದ್ದು, ಮಾನ್ವಿ ಪೊಲೀಸ್ ಠಾಣೆಯಲ್ಲಿ ಪ್ರಕರಣ ದಾಖಲಾಗಿದೆ.
50 ಸಾವಿರ ರೂ. ಲಂಚ ಪಡೆಯುತ್ತಿದ್ದ ವೇಳೆ ಲೋಕಾಯುಕ್ತ ದಾಳಿ
ಲಂಚ ಪಡೆಯುತ್ತಿದ್ದ ಸಚಿವ
ಜಾರ್ಜ್ ವಿಶೇಷಾಧಿಕಾರಿ ಬಂಧನ
• ಸುದ್ದಿಮೂಲ ವಾರ್ತೆ ಬೆಂಗಳೂರು, ಅ.05: ವಿದ್ಯುತ್ ಸಂಪರ್ಕಕ್ಕೆ ಅನುಮತಿ ನೀಡಲು ಲಂಚ ಪಡೆಯುತ್ತಿದ್ದ ಇಂಧನ ಸಚಿವ ಕೆ.ಜೆ. ಜಾರ್ಜ್ ಅವರ ವಿಶೇಷಾಧಿಕಾರಿ ಜ್ಯೋತಿ ಪ್ರಕಾಶ್ ಅವರನ್ನು ಲೋಕಾಯುಕ್ತ ಪೊಲೀಸರು ಬಂಧಿಸಿದ್ದಾರೆ. 50 ಸಾವಿರ ರೂ. ಲಂಚದ ಹಣ ಸ್ವೀಕರಿಸುತ್ತಿದ್ದ ವೇಳೆ ದಾಳಿ ನಡೆಸಿದ ಲೋಕಾಯುಕ್ತ ಪೊಲೀಸರು ಆರೋಪಿಯನ್ನು ವಶಕ್ಕೆ ಪಡೆದಿದ್ದಾರೆ. ಗುತ್ತಿಗೆದಾರರೊಬ್ಬರು ನೀಡಿದ ದೂರಿನ ಆಧಾರದ ಮೇಲೆ ಈ ಕಾರ್ಯಾಚರಣೆ ನಡೆಸಲಾಗಿದೆ. ಪ್ರಕರಣ ದಾಖಲಿಸಿಕೊಂಡು ತನಿಖೆ ಮುಂದುವರಿಸಲಾಗಿದೆ. ವಿದ್ಯುತ್ ಸಂಪರ್ಕಕ್ಕೆ ಅನುಮತಿ ನೀಡಲು ಲಂಚ ಪಡೆಯುತ್ತಿದ್ದ ಇಂಧನ ಸಚಿವ ಕೆ.ಜೆ. ಜಾರ್ಜ್ ಅವರ ವಿಶೇಷಾಧಿಕಾರಿ ಜ್ಯೋತಿ ಪ್ರಕಾಶ್ ಅವರನ್ನು ಲೋಕಾಯುಕ್ತ ಪೊಲೀಸರು ಬಂಧಿಸಿದ್ದಾರೆ. 50 ಸಾವಿರ ರೂ. ಲಂಚದ ಹಣ ಸ್ವೀಕರಿಸುತ್ತಿದ್ದ ವೇಳೆ ದಾಳಿ ನಡೆಸಿದ ಲೋಕಾಯುಕ್ತ ಪೊಲೀಸರು ಆರೋಪಿಯನ್ನು ವಶಕ್ಕೆ ಪಡೆದಿದ್ದಾರೆ. ಗುತ್ತಿಗೆದಾರರೊಬ್ಬರು ನೀಡಿದ ದೂರಿನ ಆಧಾರದ ಮೇಲೆ ಈ ಕಾರ್ಯಾಚರಣೆ ನಡೆಸಲಾಗಿದೆ. ಪ್ರಕರಣ ದಾಖಲಿಸಿಕೊಂಡು ತನಿಖೆ ಮುಂದುವರಿಸಲಾಗಿದೆ.
